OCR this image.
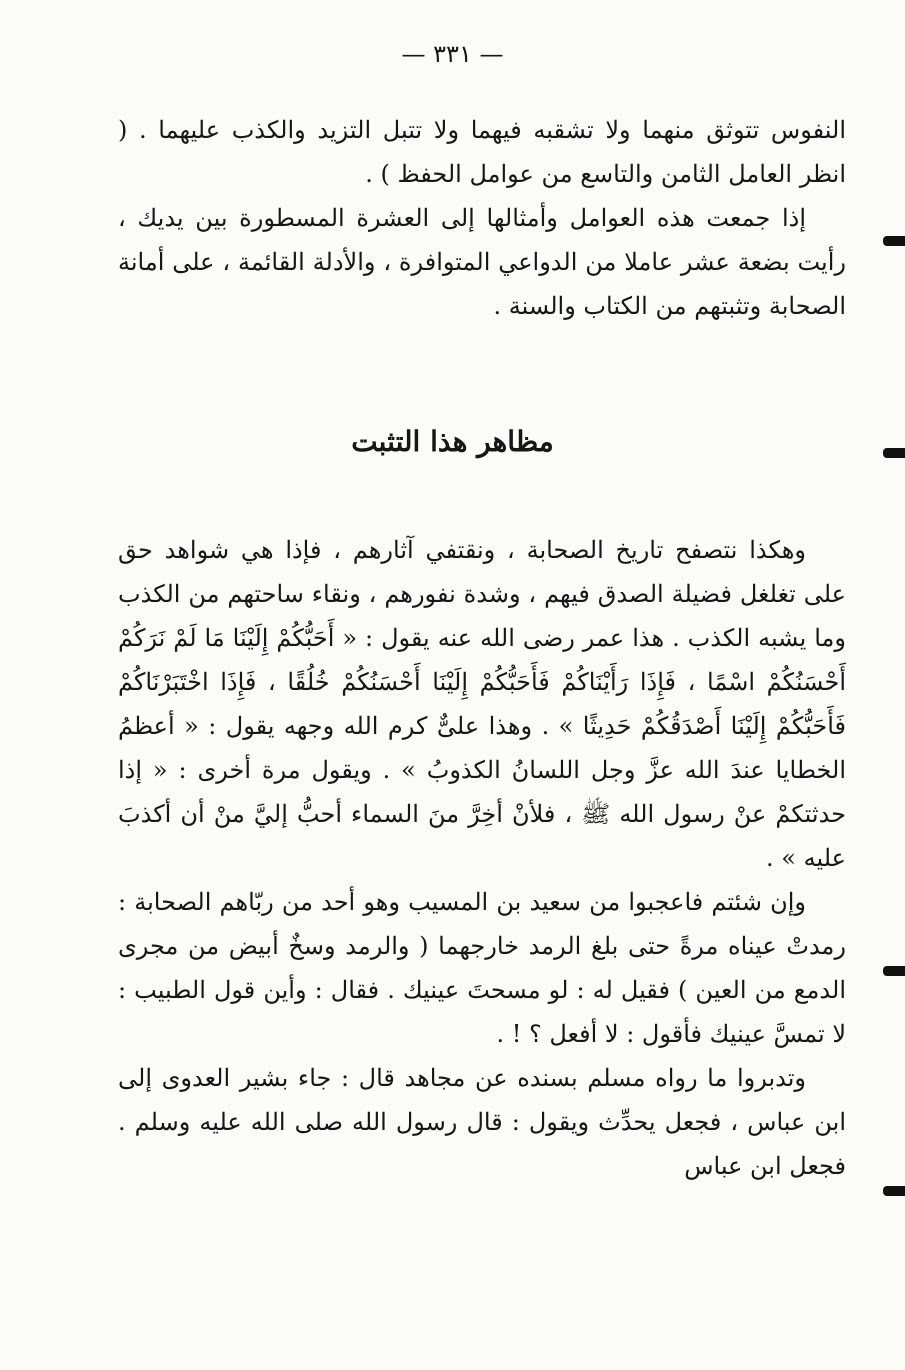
— ٣٣١ —

النفوس تتوثق منهما ولا تشقبه فيهما ولا تتبل التزيد والكذب عليهما . ( انظر العامل الثامن والتاسع من عوامل الحفظ ) .

إذا جمعت هذه العوامل وأمثالها إلى العشرة المسطورة بين يديك ، رأيت بضعة عشر عاملا من الدواعي المتوافرة ، والأدلة القائمة ، على أمانة الصحابة وتثبتهم من الكتاب والسنة .

مظاهر هذا التثبت

وهكذا نتصفح تاريخ الصحابة ، ونقتفي آثارهم ، فإذا هي شواهد حق على تغلغل فضيلة الصدق فيهم ، وشدة نفورهم ، ونقاء ساحتهم من الكذب وما يشبه الكذب . هذا عمر رضى الله عنه يقول : « أَحَبُّكُمْ إِلَيْنَا مَا لَمْ نَرَكُمْ أَحْسَنُكُمْ اسْمًا ، فَإِذَا رَأَيْنَاكُمْ فَأَحَبُّكُمْ إِلَيْنَا أَحْسَنُكُمْ خُلُقًا ، فَإِذَا اخْتَبَرْنَاكُمْ فَأَحَبُّكُمْ إِلَيْنَا أَصْدَقُكُمْ حَدِيثًا » . وهذا علىٌّ كرم الله وجهه يقول : « أعظمُ الخطايا عندَ الله عزَّ وجل اللسانُ الكذوبُ » . ويقول مرة أخرى : « إذا حدثتكمْ عنْ رسول الله ﷺ ، فلأنْ أخِرَّ منَ السماء أحبُّ إليَّ منْ أن أكذبَ عليه » .

وإن شئتم فاعجبوا من سعيد بن المسيب وهو أحد من ربّاهم الصحابة : رمدتْ عيناه مرةً حتى بلغ الرمد خارجهما ( والرمد وسخٌ أبيض من مجرى الدمع من العين ) فقيل له : لو مسحتَ عينيك . فقال : وأين قول الطبيب : لا تمسَّ عينيك فأقول : لا أفعل ؟ ! .

وتدبروا ما رواه مسلم بسنده عن مجاهد قال : جاء بشير العدوى إلى ابن عباس ، فجعل يحدِّث ويقول : قال رسول الله صلى الله عليه وسلم . فجعل ابن عباس
